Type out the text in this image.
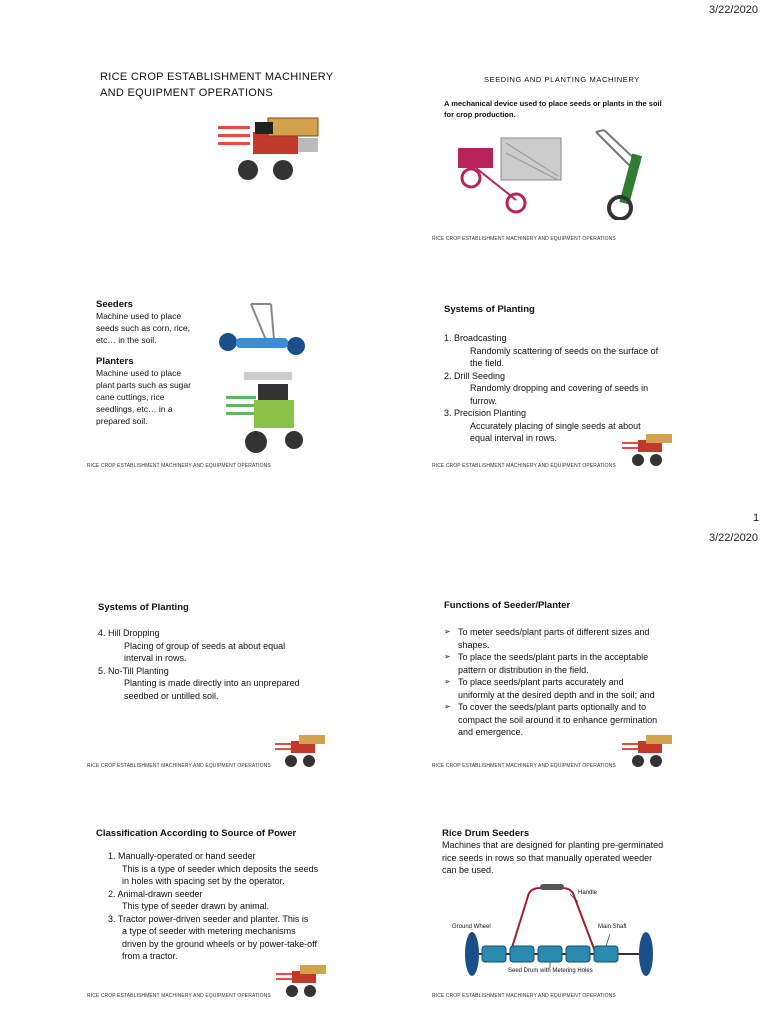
3/22/2020
RICE CROP ESTABLISHMENT MACHINERY
AND EQUIPMENT OPERATIONS
SEEDING AND PLANTING MACHINERY
A mechanical device used to place seeds or plants in the soil
for crop production.
RICE CROP ESTABLISHMENT MACHINERY AND EQUIPMENT OPERATIONS
Seeders
Machine used to place
seeds such as corn, rice,
etc… in the soil.
Planters
Machine used to place
plant parts such as sugar
cane cuttings, rice
seedlings, etc… in a
prepared soil.
RICE CROP ESTABLISHMENT MACHINERY AND EQUIPMENT OPERATIONS
Systems of Planting
1. Broadcasting
Randomly scattering of seeds on the surface of
the field.
2. Drill Seeding
Randomly dropping and covering of seeds in
furrow.
3. Precision Planting
Accurately placing of single seeds at about
equal interval in rows.
RICE CROP ESTABLISHMENT MACHINERY AND EQUIPMENT OPERATIONS
1
3/22/2020
Systems of Planting
4. Hill Dropping
Placing of group of seeds at about equal
interval in rows.
5. No-Till Planting
Planting is made directly into an unprepared
seedbed or untilled soil.
RICE CROP ESTABLISHMENT MACHINERY AND EQUIPMENT OPERATIONS
Functions of Seeder/Planter
➢ To meter seeds/plant parts of different sizes and
shapes.
➢ To place the seeds/plant parts in the acceptable
pattern or distribution in the field.
➢ To place seeds/plant parts accurately and
uniformly at the desired depth and in the soil; and
➢ To cover the seeds/plant parts optionally and to
compact the soil around it to enhance germination
and emergence.
RICE CROP ESTABLISHMENT MACHINERY AND EQUIPMENT OPERATIONS
Classification According to Source of Power
1. Manually-operated or hand seeder
This is a type of seeder which deposits the seeds
in holes with spacing set by the operator.
2. Animal-drawn seeder
This type of seeder drawn by animal.
3. Tractor power-driven seeder and planter. This is
a type of seeder with metering mechanisms
driven by the ground wheels or by power-take-off
from a tractor.
RICE CROP ESTABLISHMENT MACHINERY AND EQUIPMENT OPERATIONS
Rice Drum Seeders
Machines that are designed for planting pre-germinated
rice seeds in rows so that manually operated weeder
can be used.
Handle
Ground Wheel	Main Shaft
Seed Drum with Metering Holes
RICE CROP ESTABLISHMENT MACHINERY AND EQUIPMENT OPERATIONS
